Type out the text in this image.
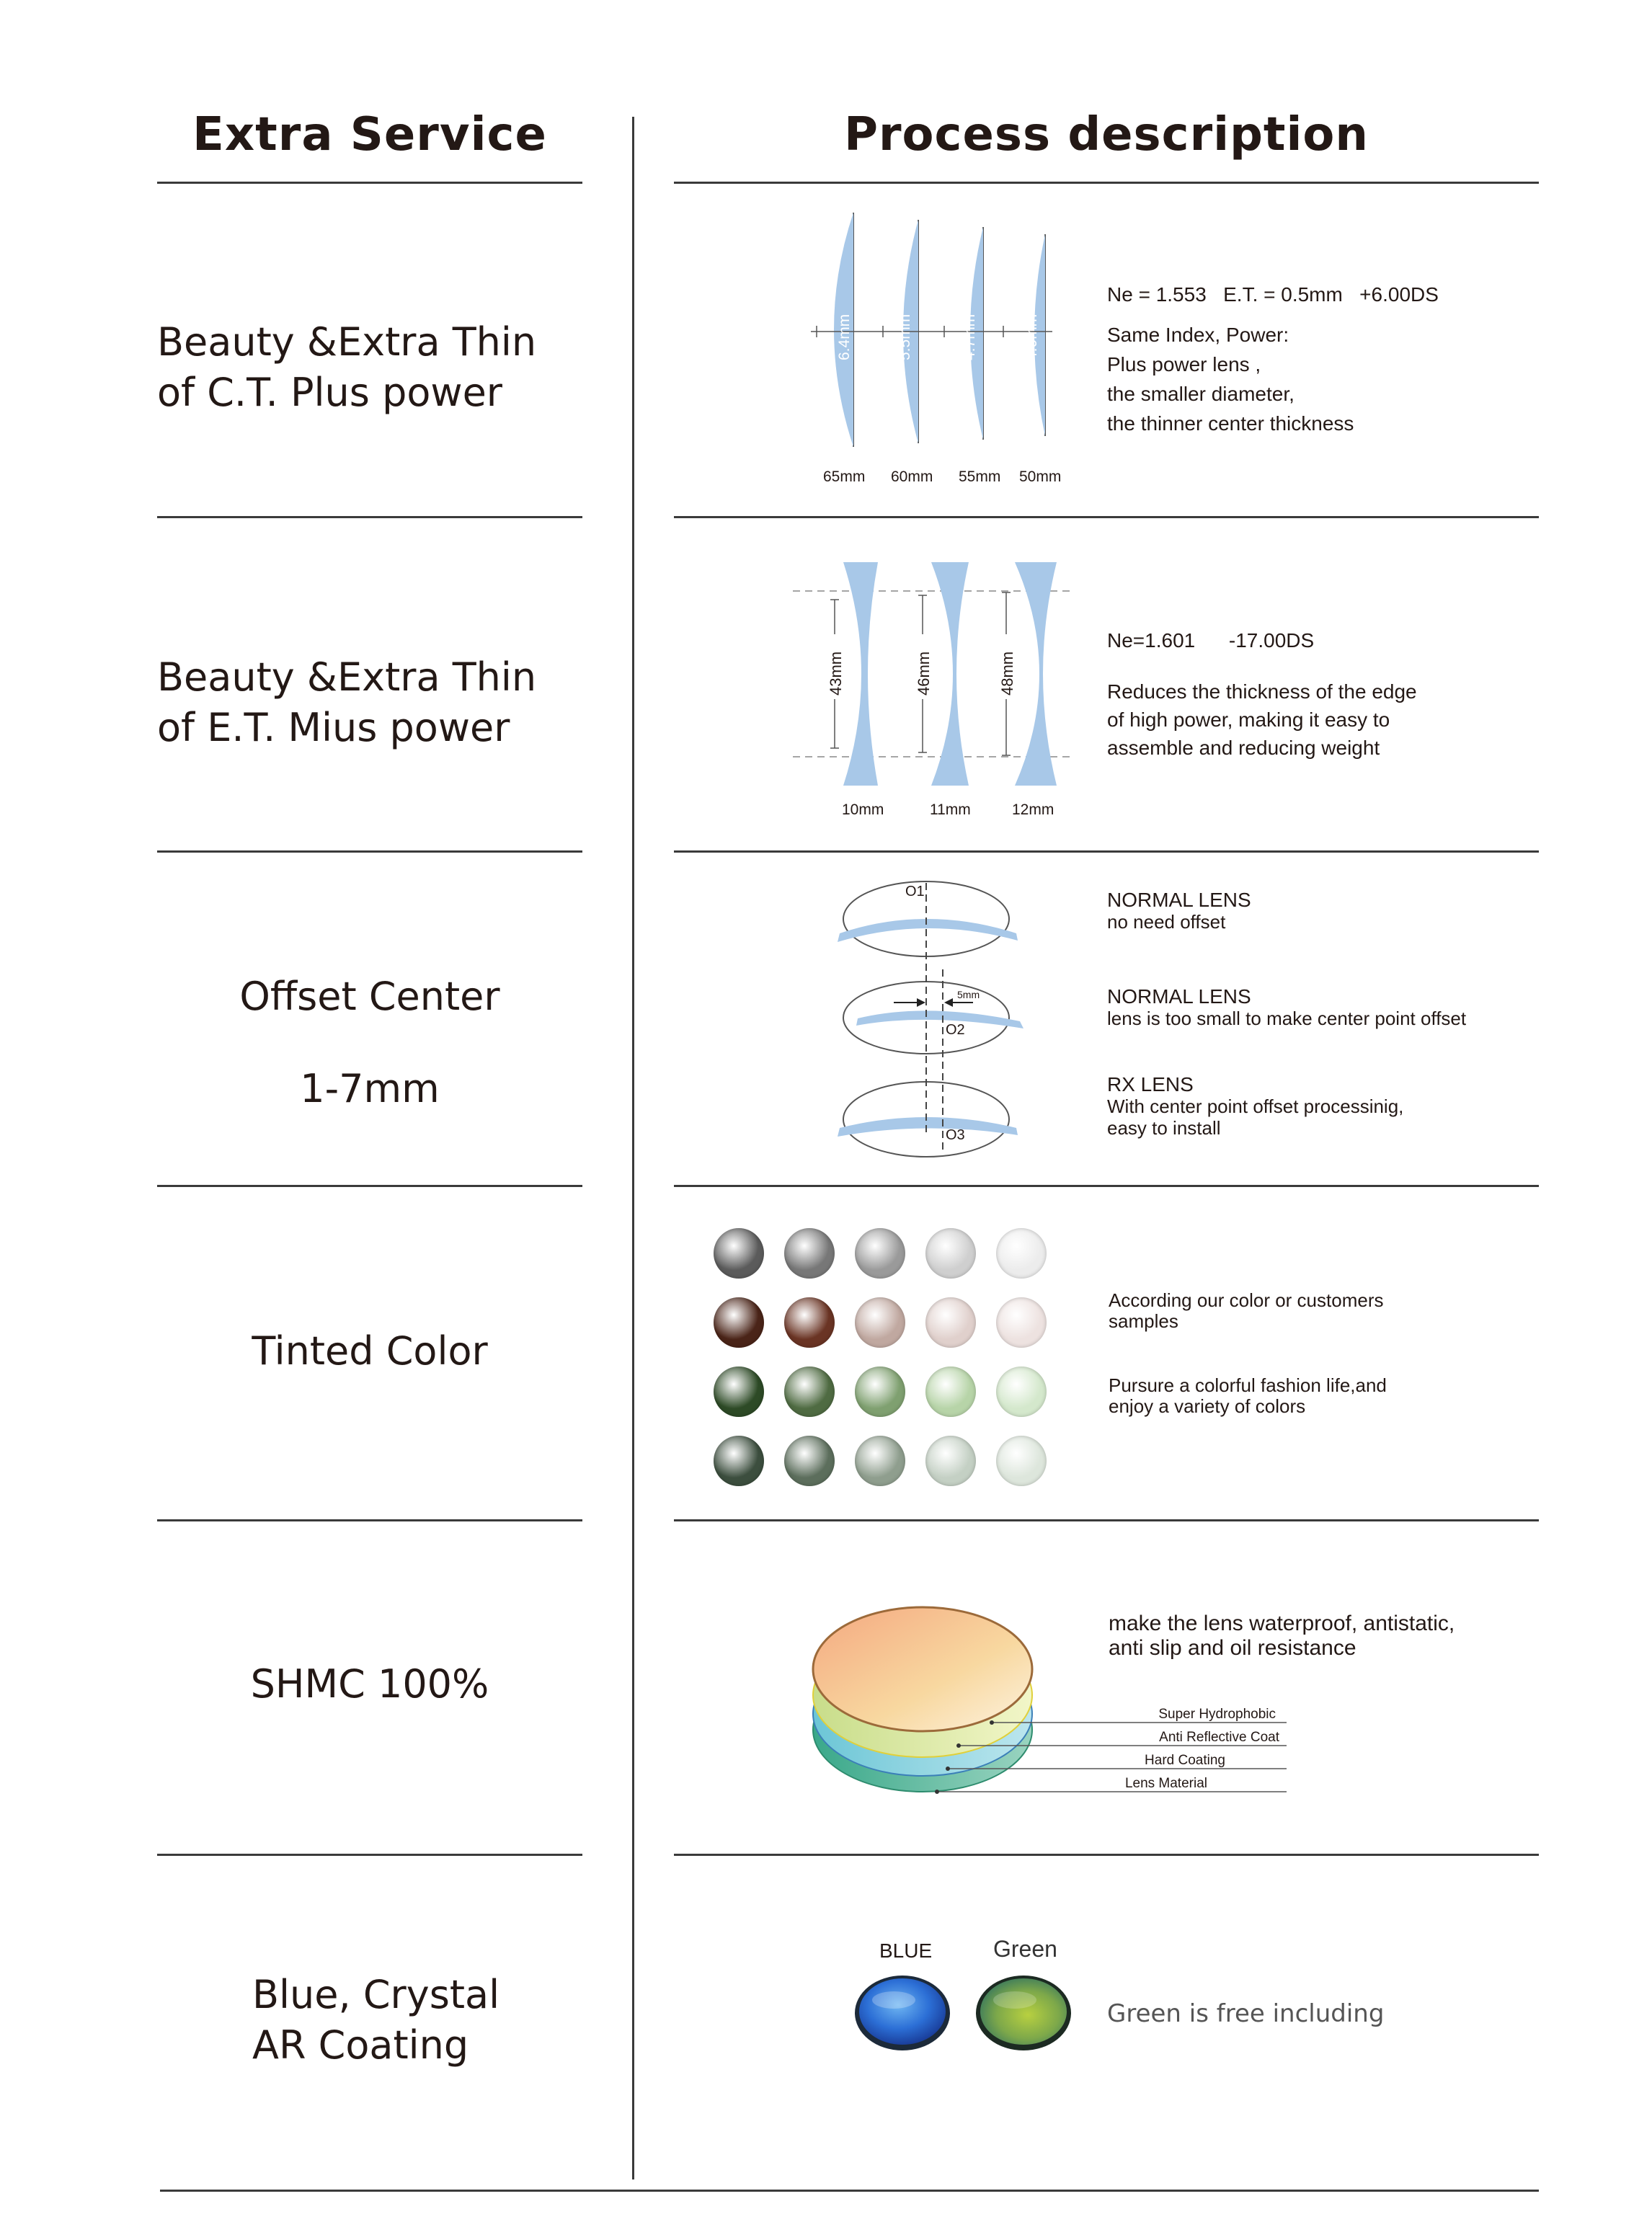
Extra Service	Process description
Beauty &Extra Thin
of C.T. Plus power
6.4mm	5.5mm	4.7mm	4.0mm
65mm 60mm 55mm 50mm
Ne = 1.553   E.T. = 0.5mm   +6.00DS
Same Index, Power:
Plus power lens ,
the smaller diameter,
the thinner center thickness
Beauty &Extra Thin
of E.T. Mius power
43mm	46mm	48mm
10mm	11mm	12mm
Ne=1.601      -17.00DS
Reduces the thickness of the edge
of high power, making it easy to
assemble and reducing weight
Offset Center
1-7mm
O1
5mm
O2
O3
NORMAL LENS
no need offset
NORMAL LENS
lens is too small to make center point offset
RX LENS
With center point offset processinig,
easy to install
Tinted Color
According our color or customers
samples
Pursure a colorful fashion life,and
enjoy a variety of colors
SHMC 100%
Super Hydrophobic
Anti Reflective Coat
Hard Coating
Lens Material
make the lens waterproof, antistatic,
anti slip and oil resistance
Blue, Crystal
AR Coating
BLUE	Green
Green is free including
